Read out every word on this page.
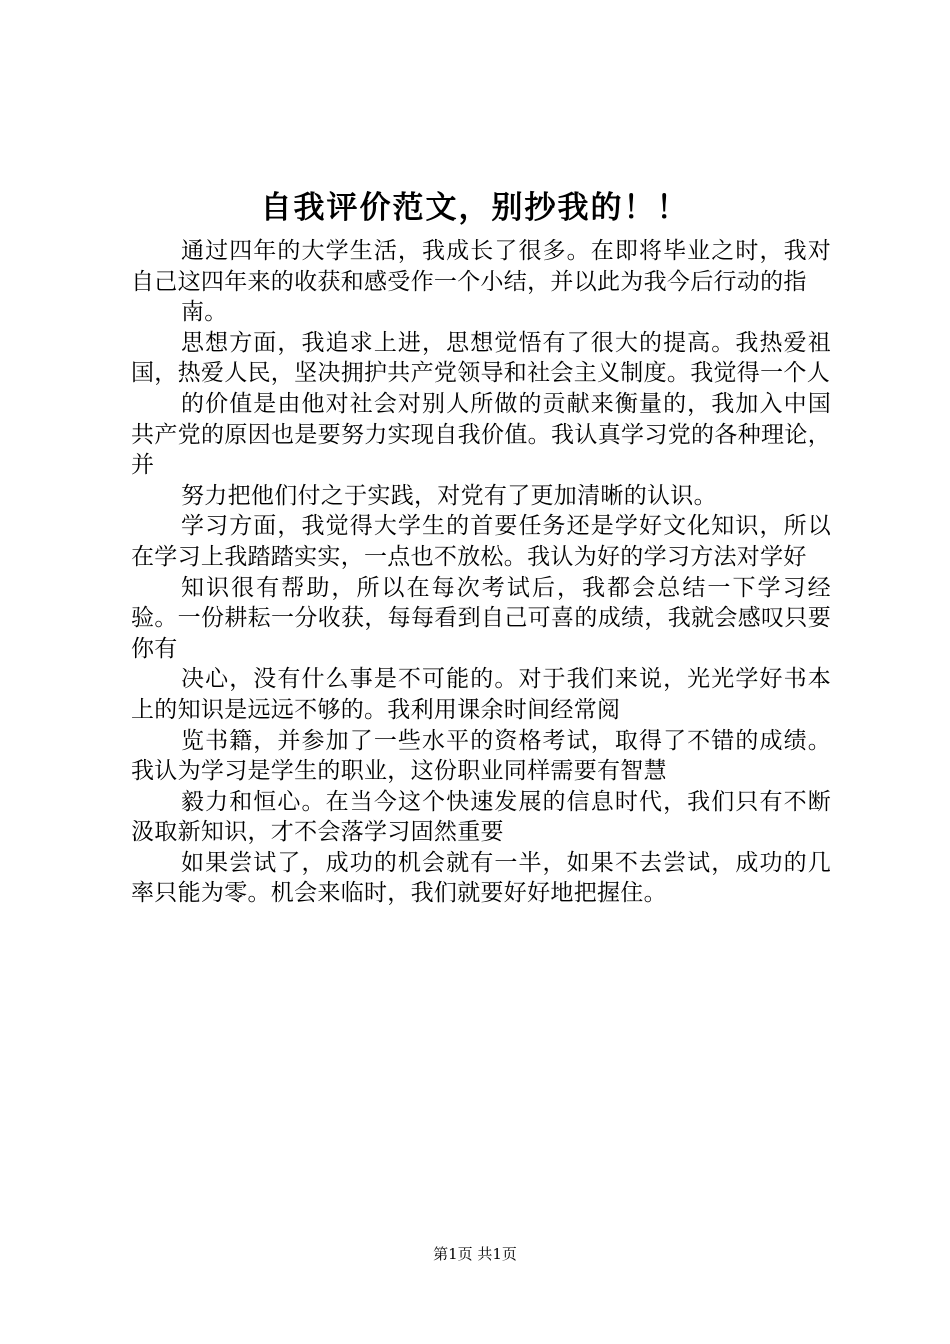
自我评价范文，别抄我的！！

通过四年的大学生活，我成长了很多。在即将毕业之时，我对自己这四年来的收获和感受作一个小结，并以此为我今后行动的指

南。

思想方面，我追求上进，思想觉悟有了很大的提高。我热爱祖国，热爱人民，坚决拥护共产党领导和社会主义制度。我觉得一个人

的价值是由他对社会对别人所做的贡献来衡量的，我加入中国共产党的原因也是要努力实现自我价值。我认真学习党的各种理论，并

努力把他们付之于实践，对党有了更加清晰的认识。

学习方面，我觉得大学生的首要任务还是学好文化知识，所以在学习上我踏踏实实，一点也不放松。我认为好的学习方法对学好

知识很有帮助，所以在每次考试后，我都会总结一下学习经验。一份耕耘一分收获，每每看到自己可喜的成绩，我就会感叹只要你有

决心，没有什么事是不可能的。对于我们来说，光光学好书本上的知识是远远不够的。我利用课余时间经常阅

览书籍，并参加了一些水平的资格考试，取得了不错的成绩。我认为学习是学生的职业，这份职业同样需要有智慧

毅力和恒心。在当今这个快速发展的信息时代，我们只有不断汲取新知识，才不会落学习固然重要

如果尝试了，成功的机会就有一半，如果不去尝试，成功的几率只能为零。机会来临时，我们就要好好地把握住。

第1页 共1页
